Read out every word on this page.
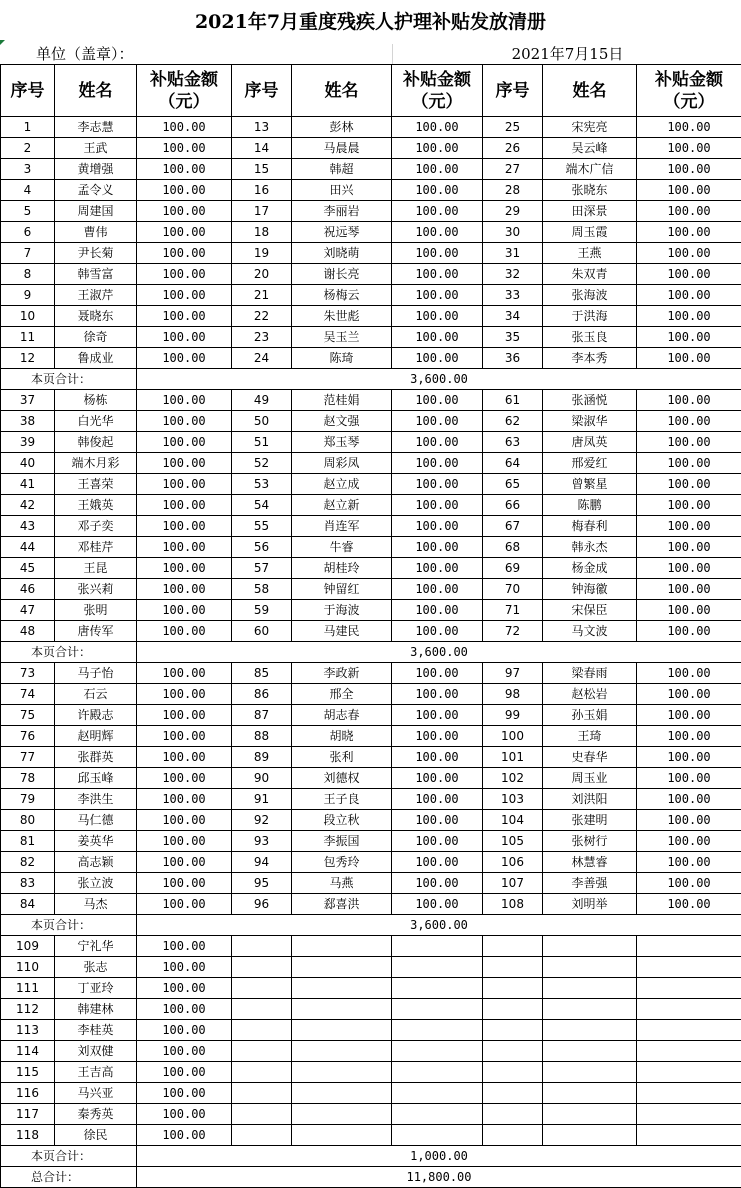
2021年7月重度残疾人护理补贴发放清册
单位（盖章）：	2021年7月15日
序号	姓名	补贴金额
（元）	序号	姓名	补贴金额
（元）	序号	姓名	补贴金额
（元）
1	李志慧	100.00	13	彭林	100.00	25	宋宪亮	100.00
2	王武	100.00	14	马晨晨	100.00	26	吴云峰	100.00
3	黄增强	100.00	15	韩超	100.00	27	端木广信	100.00
4	孟令义	100.00	16	田兴	100.00	28	张晓东	100.00
5	周建国	100.00	17	李丽岩	100.00	29	田深景	100.00
6	曹伟	100.00	18	祝远琴	100.00	30	周玉霞	100.00
7	尹长菊	100.00	19	刘晓萌	100.00	31	王燕	100.00
8	韩雪富	100.00	20	谢长亮	100.00	32	朱双青	100.00
9	王淑芹	100.00	21	杨梅云	100.00	33	张海波	100.00
10	聂晓东	100.00	22	朱世彪	100.00	34	于洪海	100.00
11	徐奇	100.00	23	吴玉兰	100.00	35	张玉良	100.00
12	鲁成业	100.00	24	陈琦	100.00	36	李本秀	100.00
本页合计：		3,600.00						
37	杨栋	100.00	49	范桂娟	100.00	61	张涵悦	100.00
38	白光华	100.00	50	赵文强	100.00	62	梁淑华	100.00
39	韩俊起	100.00	51	郑玉琴	100.00	63	唐凤英	100.00
40	端木月彩	100.00	52	周彩凤	100.00	64	邢爱红	100.00
41	王喜荣	100.00	53	赵立成	100.00	65	曾繁星	100.00
42	王娥英	100.00	54	赵立新	100.00	66	陈鹏	100.00
43	邓子奕	100.00	55	肖连军	100.00	67	梅春利	100.00
44	邓桂芹	100.00	56	牛睿	100.00	68	韩永杰	100.00
45	王昆	100.00	57	胡桂玲	100.00	69	杨金成	100.00
46	张兴莉	100.00	58	钟留红	100.00	70	钟海徽	100.00
47	张明	100.00	59	于海波	100.00	71	宋保臣	100.00
48	唐传军	100.00	60	马建民	100.00	72	马文波	100.00
本页合计：		3,600.00						
73	马子怡	100.00	85	李政新	100.00	97	梁春雨	100.00
74	石云	100.00	86	邢全	100.00	98	赵松岩	100.00
75	许殿志	100.00	87	胡志春	100.00	99	孙玉娟	100.00
76	赵明辉	100.00	88	胡晓	100.00	100	王琦	100.00
77	张群英	100.00	89	张利	100.00	101	史春华	100.00
78	邱玉峰	100.00	90	刘德权	100.00	102	周玉业	100.00
79	李洪生	100.00	91	王子良	100.00	103	刘洪阳	100.00
80	马仁德	100.00	92	段立秋	100.00	104	张建明	100.00
81	姜英华	100.00	93	李振国	100.00	105	张树行	100.00
82	高志颖	100.00	94	包秀玲	100.00	106	林慧睿	100.00
83	张立波	100.00	95	马燕	100.00	107	李善强	100.00
84	马杰	100.00	96	郄喜洪	100.00	108	刘明举	100.00
本页合计：		3,600.00						
109	宁礼华	100.00						
110	张志	100.00						
111	丁亚玲	100.00						
112	韩建林	100.00						
113	李桂英	100.00						
114	刘双健	100.00						
115	王吉高	100.00						
116	马兴亚	100.00						
117	秦秀英	100.00						
118	徐民	100.00						
本页合计：		1,000.00						
总合计：		11,800.00						
